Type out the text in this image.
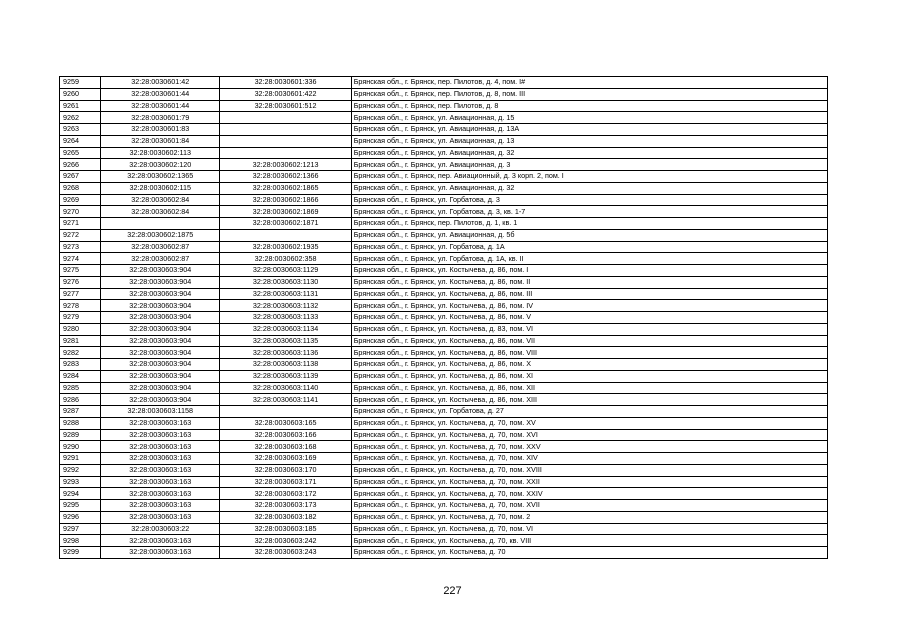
9259	32:28:0030601:42	32:28:0030601:336	Брянская обл., г. Брянск, пер. Пилотов, д. 4, пом. I#
9260	32:28:0030601:44	32:28:0030601:422	Брянская обл., г. Брянск, пер. Пилотов, д. 8, пом. III
9261	32:28:0030601:44	32:28:0030601:512	Брянская обл., г. Брянск, пер. Пилотов, д. 8
9262	32:28:0030601:79		Брянская обл., г. Брянск, ул. Авиационная, д. 15
9263	32:28:0030601:83		Брянская обл., г. Брянск, ул. Авиационная, д. 13А
9264	32:28:0030601:84		Брянская обл., г. Брянск, ул. Авиационная, д. 13
9265	32:28:0030602:113		Брянская обл., г. Брянск, ул. Авиационная, д. 32
9266	32:28:0030602:120	32:28:0030602:1213	Брянская обл., г. Брянск, ул. Авиационная, д. 3
9267	32:28:0030602:1365	32:28:0030602:1366	Брянская обл., г. Брянск, пер. Авиационный, д. 3 корп. 2, пом. I
9268	32:28:0030602:115	32:28:0030602:1865	Брянская обл., г. Брянск, ул. Авиационная, д. 32
9269	32:28:0030602:84	32:28:0030602:1866	Брянская обл., г. Брянск, ул. Горбатова, д. 3
9270	32:28:0030602:84	32:28:0030602:1869	Брянская обл., г. Брянск, ул. Горбатова, д. 3, кв. 1-7
9271		32:28:0030602:1871	Брянская обл., г. Брянск, пер. Пилотов, д. 1, кв. 1
9272	32:28:0030602:1875		Брянская обл., г. Брянск, ул. Авиационная, д. 5б
9273	32:28:0030602:87	32:28:0030602:1935	Брянская обл., г. Брянск, ул. Горбатова, д. 1А
9274	32:28:0030602:87	32:28:0030602:358	Брянская обл., г. Брянск, ул. Горбатова, д. 1А, кв. II
9275	32:28:0030603:904	32:28:0030603:1129	Брянская обл., г. Брянск, ул. Костычева, д. 86, пом. I
9276	32:28:0030603:904	32:28:0030603:1130	Брянская обл., г. Брянск, ул. Костычева, д. 86, пом. II
9277	32:28:0030603:904	32:28:0030603:1131	Брянская обл., г. Брянск, ул. Костычева, д. 86, пом. III
9278	32:28:0030603:904	32:28:0030603:1132	Брянская обл., г. Брянск, ул. Костычева, д. 86, пом. IV
9279	32:28:0030603:904	32:28:0030603:1133	Брянская обл., г. Брянск, ул. Костычева, д. 86, пом. V
9280	32:28:0030603:904	32:28:0030603:1134	Брянская обл., г. Брянск, ул. Костычева, д. 83, пом. VI
9281	32:28:0030603:904	32:28:0030603:1135	Брянская обл., г. Брянск, ул. Костычева, д. 86, пом. VII
9282	32:28:0030603:904	32:28:0030603:1136	Брянская обл., г. Брянск, ул. Костычева, д. 86, пом. VIII
9283	32:28:0030603:904	32:28:0030603:1138	Брянская обл., г. Брянск, ул. Костычева, д. 86, пом. X
9284	32:28:0030603:904	32:28:0030603:1139	Брянская обл., г. Брянск, ул. Костычева, д. 86, пом. XI
9285	32:28:0030603:904	32:28:0030603:1140	Брянская обл., г. Брянск, ул. Костычева, д. 86, пом. XII
9286	32:28:0030603:904	32:28:0030603:1141	Брянская обл., г. Брянск, ул. Костычева, д. 86, пом. XIII
9287	32:28:0030603:1158		Брянская обл., г. Брянск, ул. Горбатова, д. 27
9288	32:28:0030603:163	32:28:0030603:165	Брянская обл., г. Брянск, ул. Костычева, д. 70, пом. XV
9289	32:28:0030603:163	32:28:0030603:166	Брянская обл., г. Брянск, ул. Костычева, д. 70, пом. XVI
9290	32:28:0030603:163	32:28:0030603:168	Брянская обл., г. Брянск, ул. Костычева, д. 70, пом. XXV
9291	32:28:0030603:163	32:28:0030603:169	Брянская обл., г. Брянск, ул. Костычева, д. 70, пом. XIV
9292	32:28:0030603:163	32:28:0030603:170	Брянская обл., г. Брянск, ул. Костычева, д. 70, пом. XVIII
9293	32:28:0030603:163	32:28:0030603:171	Брянская обл., г. Брянск, ул. Костычева, д. 70, пом. XXII
9294	32:28:0030603:163	32:28:0030603:172	Брянская обл., г. Брянск, ул. Костычева, д. 70, пом. XXIV
9295	32:28:0030603:163	32:28:0030603:173	Брянская обл., г. Брянск, ул. Костычева, д. 70, пом. XVII
9296	32:28:0030603:163	32:28:0030603:182	Брянская обл., г. Брянск, ул. Костычева, д. 70, пом. 2
9297	32:28:0030603:22	32:28:0030603:185	Брянская обл., г. Брянск, ул. Костычева, д. 70, пом. VI
9298	32:28:0030603:163	32:28:0030603:242	Брянская обл., г. Брянск, ул. Костычева, д. 70, кв. VIII
9299	32:28:0030603:163	32:28:0030603:243	Брянская обл., г. Брянск, ул. Костычева, д. 70
227
